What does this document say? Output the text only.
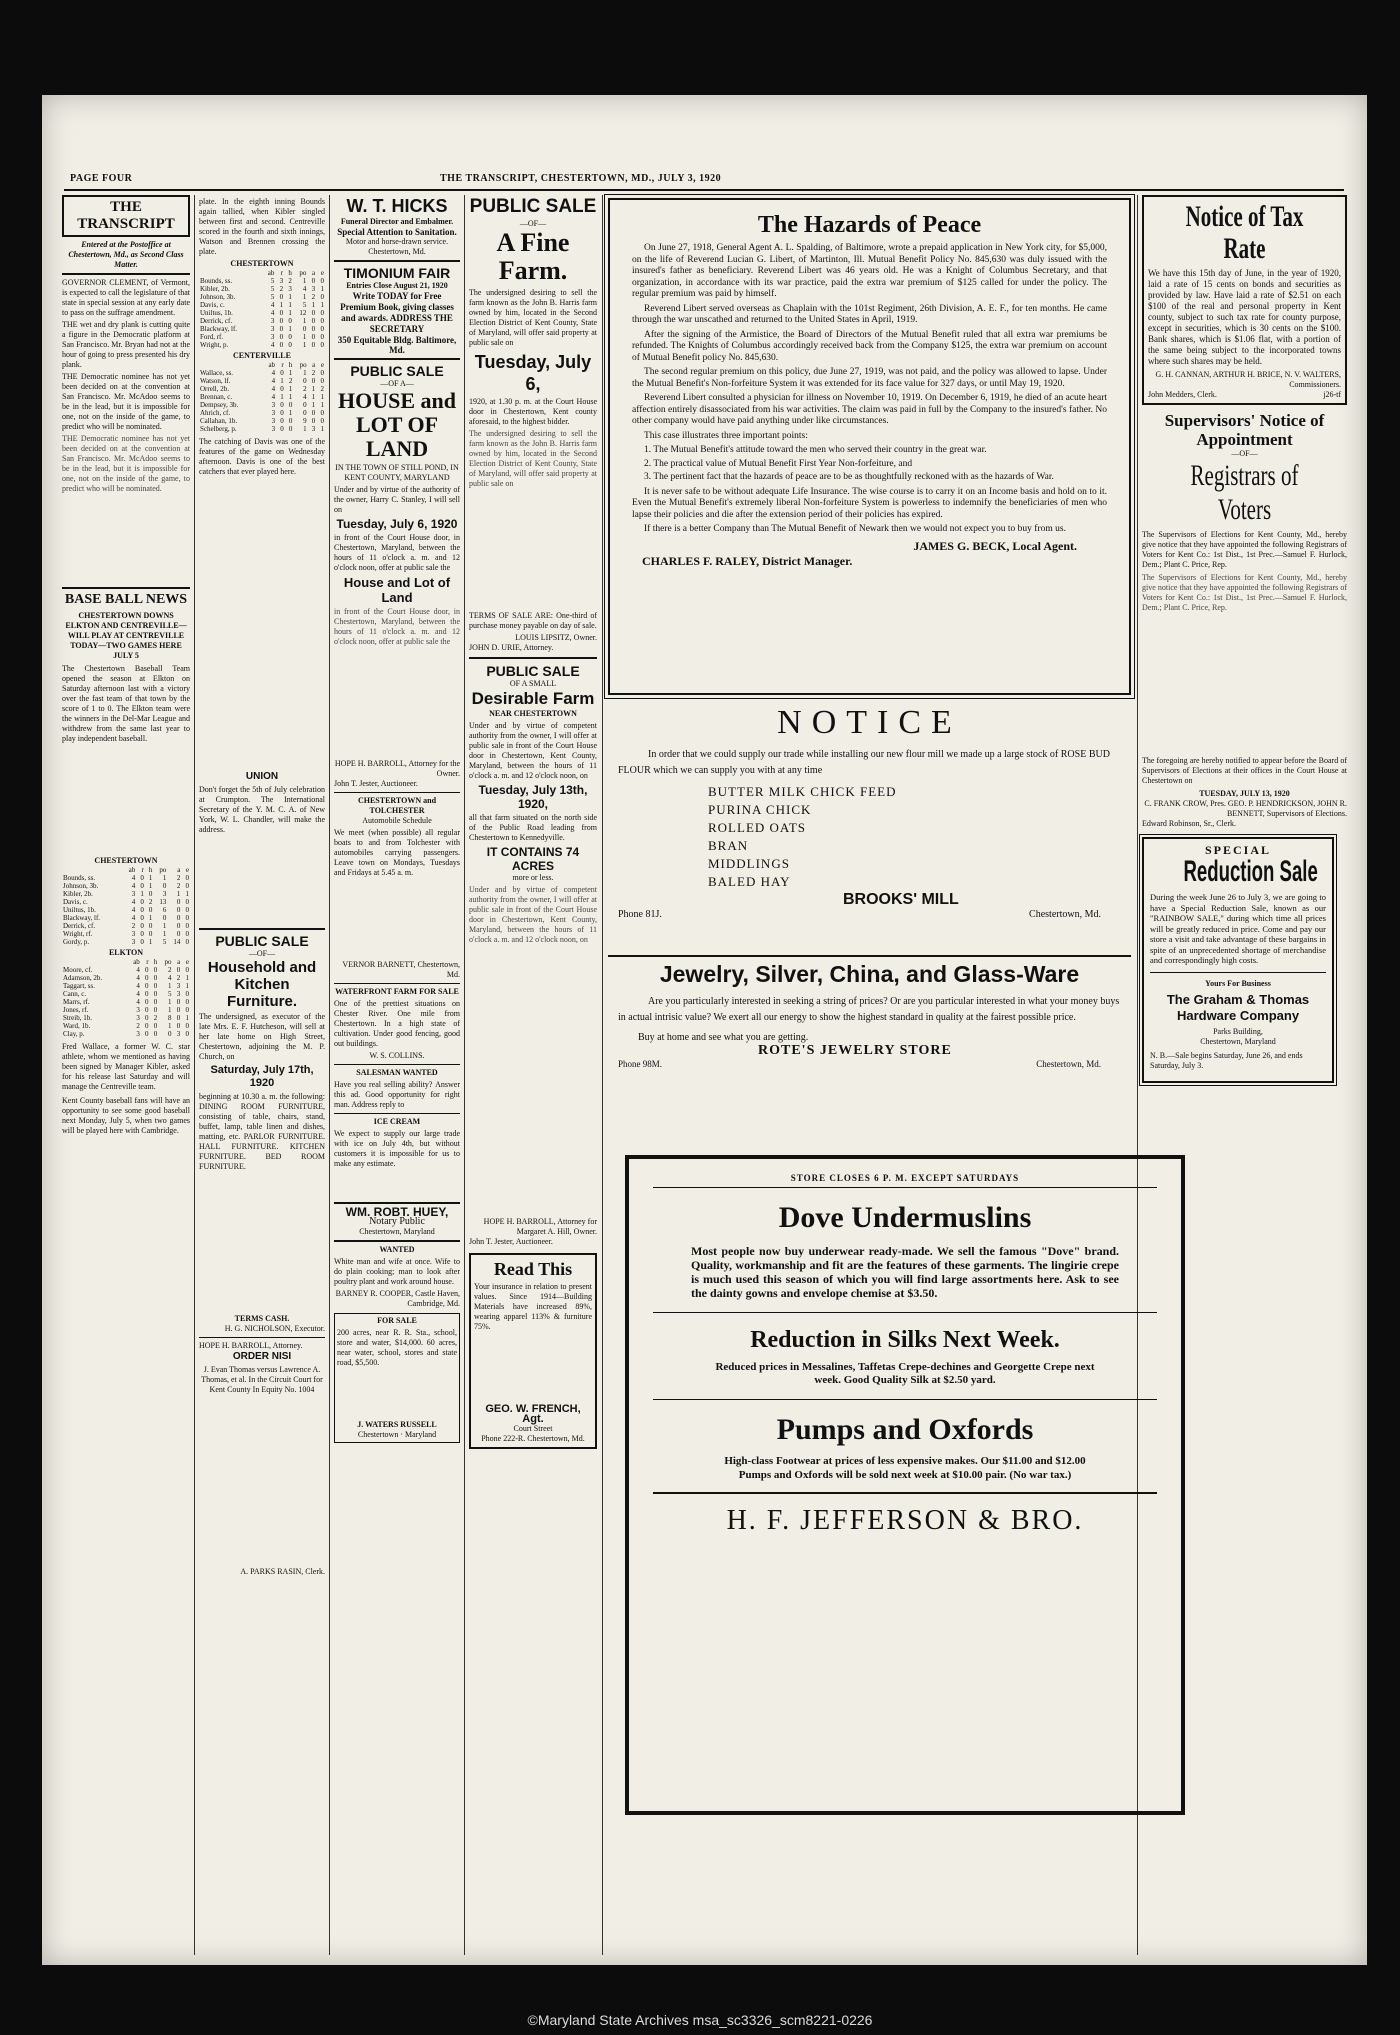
PAGE FOUR	THE TRANSCRIPT, CHESTERTOWN, MD., JULY 3, 1920
THE TRANSCRIPT
Entered at the Postoffice at Chestertown, Md., as Second Class Matter.

GOVERNOR CLEMENT, of Vermont, is expected to call the legislature of that state in special session at any early date to pass on the suffrage amendment.

THE wet and dry plank is cutting quite a figure in the Democratic platform at San Francisco. Mr. Bryan had not at the hour of going to press presented his dry plank.

THE Democratic nominee has not yet been decided on at the convention at San Francisco. Mr. McAdoo seems to be in the lead, but it is impossible for one, not on the inside of the game, to predict who will be nominated.

THE Democratic nominee has not yet been decided on at the convention at San Francisco. Mr. McAdoo seems to be in the lead, but it is impossible for one, not on the inside of the game, to predict who will be nominated.
BASE BALL NEWS
CHESTERTOWN DOWNS ELKTON AND CENTREVILLE—WILL PLAY AT CENTREVILLE TODAY—TWO GAMES HERE JULY 5

The Chestertown Baseball Team opened the season at Elkton on Saturday afternoon last with a victory over the fast team of that town by the score of 1 to 0. The Elkton team were the winners in the Del-Mar League and withdrew from the same last year to play independent baseball.

CHESTERTOWN
	ab	r	h	po	a	e
Bounds, ss.	4	0	1	1	2	0
Johnson, 3b.	4	0	1	0	2	0
Kibler, 2b.	3	1	0	3	1	1
Davis, c.	4	0	2	13	0	0
Uniltus, 1b.	4	0	0	6	0	0
Blackway, lf.	4	0	1	0	0	0
Derrick, cf.	2	0	0	1	0	0
Wright, rf.	3	0	0	1	0	0
Gordy, p.	3	0	1	5	14	0
ELKTON
	ab	r	h	po	a	e
Moore, cf.	4	0	0	2	0	0
Adamson, 2b.	4	0	0	4	2	1
Taggart, ss.	4	0	0	1	3	1
Cann, c.	4	0	0	5	3	0
Marrs, rf.	4	0	0	1	0	0
Jones, rf.	3	0	0	1	0	0
Streib, 1b.	3	0	2	8	0	1
Ward, 1b.	2	0	0	1	0	0
Clay, p.	3	0	0	0	3	0

Fred Wallace, a former W. C. star athlete, whom we mentioned as having been signed by Manager Kibler, asked for his release last Saturday and will manage the Centreville team.

Kent County baseball fans will have an opportunity to see some good baseball next Monday, July 5, when two games will be played here with Cambridge.

plate. In the eighth inning Bounds again tallied, when Kibler singled between first and second. Centreville scored in the fourth and sixth innings, Watson and Brennen crossing the plate.

CHESTERTOWN
	ab	r	h	po	a	e
Bounds, ss.	5	3	2	1	0	0
Kibler, 2b.	5	2	3	4	3	1
Johnson, 3b.	5	0	1	1	2	0
Davis, c.	4	1	1	5	1	1
Uniltus, 1b.	4	0	1	12	0	0
Derrick, cf.	3	0	0	1	0	0
Blackway, lf.	3	0	1	0	0	0
Ford, rf.	3	0	0	1	0	0
Wright, p.	4	0	0	1	0	0
CENTERVILLE
	ab	r	h	po	a	e
Wallace, ss.	4	0	1	1	2	0
Watson, lf.	4	1	2	0	0	0
Orrell, 2b.	4	0	1	2	1	2
Brennan, c.	4	1	1	4	1	1
Dempsey, 3b.	3	0	0	0	1	1
Ahrich, cf.	3	0	1	0	0	0
Callahan, 1b.	3	0	0	9	0	0
Schelberg, p.	3	0	0	1	3	1

The catching of Davis was one of the features of the game on Wednesday afternoon. Davis is one of the best catchers that ever played here.

UNION

Don't forget the 5th of July celebration at Crumpton. The International Secretary of the Y. M. C. A. of New York, W. L. Chandler, will make the address.

PUBLIC SALE
—OF—
Household and Kitchen Furniture.

The undersigned, as executor of the late Mrs. E. F. Hutcheson, will sell at her late home on High Street, Chestertown, adjoining the M. P. Church, on

Saturday, July 17th, 1920

beginning at 10.30 a. m. the following: DINING ROOM FURNITURE, consisting of table, chairs, stand, buffet, lamp, table linen and dishes, matting, etc. PARLOR FURNITURE. HALL FURNITURE. KITCHEN FURNITURE. BED ROOM FURNITURE.

TERMS CASH.
H. G. NICHOLSON, Executor.
HOPE H. BARROLL, Attorney.
ORDER NISI

J. Evan Thomas versus Lawrence A. Thomas, et al. In the Circuit Court for Kent County In Equity No. 1004

A. PARKS RASIN, Clerk.
W. T. HICKS
Funeral Director and Embalmer.
Special Attention to Sanitation.
Motor and horse-drawn service. Chestertown, Md.
TIMONIUM FAIR
Entries Close August 21, 1920
Write TODAY for Free Premium Book, giving classes and awards. ADDRESS THE SECRETARY
350 Equitable Bldg. Baltimore, Md.
PUBLIC SALE
—OF A—
HOUSE and LOT OF LAND
IN THE TOWN OF STILL POND, IN KENT COUNTY, MARYLAND

Under and by virtue of the authority of the owner, Harry C. Stanley, I will sell on

Tuesday, July 6, 1920

in front of the Court House door, in Chestertown, Maryland, between the hours of 11 o'clock a. m. and 12 o'clock noon, offer at public sale the

House and Lot of Land

in front of the Court House door, in Chestertown, Maryland, between the hours of 11 o'clock a. m. and 12 o'clock noon, offer at public sale the

HOPE H. BARROLL, Attorney for the Owner.
John T. Jester, Auctioneer.
CHESTERTOWN and TOLCHESTER
Automobile Schedule

We meet (when possible) all regular boats to and from Tolchester with automobiles carrying passengers. Leave town on Mondays, Tuesdays and Fridays at 5.45 a. m.

VERNOR BARNETT, Chestertown, Md.
WATERFRONT FARM FOR SALE

One of the prettiest situations on Chester River. One mile from Chestertown. In a high state of cultivation. Under good fencing, good out buildings.

W. S. COLLINS.
SALESMAN WANTED

Have you real selling ability? Answer this ad. Good opportunity for right man. Address reply to

ICE CREAM

We expect to supply our large trade with ice on July 4th, but without customers it is impossible for us to make any estimate.

WM. ROBT. HUEY,
Notary Public
Chestertown, Maryland
WANTED

White man and wife at once. Wife to do plain cooking; man to look after poultry plant and work around house.

BARNEY R. COOPER, Castle Haven, Cambridge, Md.
FOR SALE

200 acres, near R. R. Sta., school, store and water, $14,000. 60 acres, near water, school, stores and state road, $5,500.

J. WATERS RUSSELL
Chestertown · Maryland
PUBLIC SALE
—OF—
A Fine Farm.

The undersigned desiring to sell the farm known as the John B. Harris farm owned by him, located in the Second Election District of Kent County, State of Maryland, will offer said property at public sale on

Tuesday, July 6,

1920, at 1.30 p. m. at the Court House door in Chestertown, Kent county aforesaid, to the highest bidder.

The undersigned desiring to sell the farm known as the John B. Harris farm owned by him, located in the Second Election District of Kent County, State of Maryland, will offer said property at public sale on

TERMS OF SALE ARE: One-third of purchase money payable on day of sale.

LOUIS LIPSITZ, Owner.
JOHN D. URIE, Attorney.
PUBLIC SALE
OF A SMALL
Desirable Farm
NEAR CHESTERTOWN

Under and by virtue of competent authority from the owner, I will offer at public sale in front of the Court House door in Chestertown, Kent County, Maryland, between the hours of 11 o'clock a. m. and 12 o'clock noon, on

Tuesday, July 13th, 1920,

all that farm situated on the north side of the Public Road leading from Chestertown to Kennedyville.

IT CONTAINS 74 ACRES
more or less.

Under and by virtue of competent authority from the owner, I will offer at public sale in front of the Court House door in Chestertown, Kent County, Maryland, between the hours of 11 o'clock a. m. and 12 o'clock noon, on

HOPE H. BARROLL, Attorney for Margaret A. Hill, Owner.
John T. Jester, Auctioneer.
Read This

Your insurance in relation to present values. Since 1914—Building Materials have increased 89%, wearing apparel 113% & furniture 75%.

GEO. W. FRENCH, Agt.
Court Street
Phone 222-R. Chestertown, Md.
The Hazards of Peace

On June 27, 1918, General Agent A. L. Spalding, of Baltimore, wrote a prepaid application in New York city, for $5,000, on the life of Reverend Lucian G. Libert, of Martinton, Ill. Mutual Benefit Policy No. 845,630 was duly issued with the insured's father as beneficiary. Reverend Libert was 46 years old. He was a Knight of Columbus Secretary, and that organization, in accordance with its war practice, paid the extra war premium of $125 called for under the policy. The regular premium was paid by himself.

Reverend Libert served overseas as Chaplain with the 101st Regiment, 26th Division, A. E. F., for ten months. He came through the war unscathed and returned to the United States in April, 1919.

After the signing of the Armistice, the Board of Directors of the Mutual Benefit ruled that all extra war premiums be refunded. The Knights of Columbus accordingly received back from the Company $125, the extra war premium on account of Mutual Benefit policy No. 845,630.

The second regular premium on this policy, due June 27, 1919, was not paid, and the policy was allowed to lapse. Under the Mutual Benefit's Non-forfeiture System it was extended for its face value for 327 days, or until May 19, 1920.

Reverend Libert consulted a physician for illness on November 10, 1919. On December 6, 1919, he died of an acute heart affection entirely disassociated from his war activities. The claim was paid in full by the Company to the insured's father. No other company would have paid anything under like circumstances.

This case illustrates three important points:

1. The Mutual Benefit's attitude toward the men who served their country in the great war.

2. The practical value of Mutual Benefit First Year Non-forfeiture, and

3. The pertinent fact that the hazards of peace are to be as thoughtfully reckoned with as the hazards of War.

It is never safe to be without adequate Life Insurance. The wise course is to carry it on an Income basis and hold on to it. Even the Mutual Benefit's extremely liberal Non-forfeiture System is powerless to indemnify the beneficiaries of men who lapse their policies and die after the extension period of their policies has expired.

If there is a better Company than The Mutual Benefit of Newark then we would not expect you to buy from us.

JAMES G. BECK, Local Agent.
CHARLES F. RALEY, District Manager.
NOTICE

In order that we could supply our trade while installing our new flour mill we made up a large stock of ROSE BUD FLOUR which we can supply you with at any time

BUTTER MILK CHICK FEED
PURINA CHICK
ROLLED OATS
BRAN
MIDDLINGS
BALED HAY
BROOKS' MILL
Phone 81J.	Chestertown, Md.
Jewelry, Silver, China, and Glass-Ware

Are you particularly interested in seeking a string of prices? Or are you particular interested in what your money buys in actual intrisic value? We exert all our energy to show the highest standard in quality at the fairest possible price.

Buy at home and see what you are getting.
ROTE'S JEWELRY STORE
Phone 98M.	Chestertown, Md.
STORE CLOSES 6 P. M. EXCEPT SATURDAYS
Dove Undermuslins

Most people now buy underwear ready-made. We sell the famous "Dove" brand. Quality, workmanship and fit are the features of these garments. The lingirie crepe is much used this season of which you will find large assortments here. Ask to see the dainty gowns and envelope chemise at $3.50.

Reduction in Silks Next Week.

Reduced prices in Messalines, Taffetas Crepe-dechines and Georgette Crepe next week. Good Quality Silk at $2.50 yard.

Pumps and Oxfords

High-class Footwear at prices of less expensive makes. Our $11.00 and $12.00 Pumps and Oxfords will be sold next week at $10.00 pair. (No war tax.)

H. F. JEFFERSON & BRO.
Notice of Tax Rate

We have this 15th day of June, in the year of 1920, laid a rate of 15 cents on bonds and securities as provided by law. Have laid a rate of $2.51 on each $100 of the real and personal property in Kent county, subject to such tax rate for county purpose, except in securities, which is 30 cents on the $100. Bank shares, which is $1.06 flat, with a portion of the same being subject to the incorporated towns where such shares may be held.

G. H. CANNAN, ARTHUR H. BRICE, N. V. WALTERS, Commissioners.
John Medders, Clerk.	j26-tf
Supervisors' Notice of Appointment
—OF—
Registrars of Voters

The Supervisors of Elections for Kent County, Md., hereby give notice that they have appointed the following Registrars of Voters for Kent Co.: 1st Dist., 1st Prec.—Samuel F. Hurlock, Dem.; Plant C. Price, Rep.

The Supervisors of Elections for Kent County, Md., hereby give notice that they have appointed the following Registrars of Voters for Kent Co.: 1st Dist., 1st Prec.—Samuel F. Hurlock, Dem.; Plant C. Price, Rep.

The foregoing are hereby notified to appear before the Board of Supervisors of Elections at their offices in the Court House at Chestertown on

TUESDAY, JULY 13, 1920
C. FRANK CROW, Pres. GEO. P. HENDRICKSON, JOHN R. BENNETT, Supervisors of Elections.
Edward Robinson, Sr., Clerk.
SPECIAL
Reduction Sale

During the week June 26 to July 3, we are going to have a Special Reduction Sale, known as our "RAINBOW SALE," during which time all prices will be greatly reduced in price. Come and pay our store a visit and take advantage of these bargains in spite of an unprecedented shortage of merchandise and correspondingly high costs.

Yours For Business
The Graham & Thomas Hardware Company
Parks Building,
Chestertown, Maryland

N. B.—Sale begins Saturday, June 26, and ends Saturday, July 3.

©Maryland State Archives msa_sc3326_scm8221-0226
